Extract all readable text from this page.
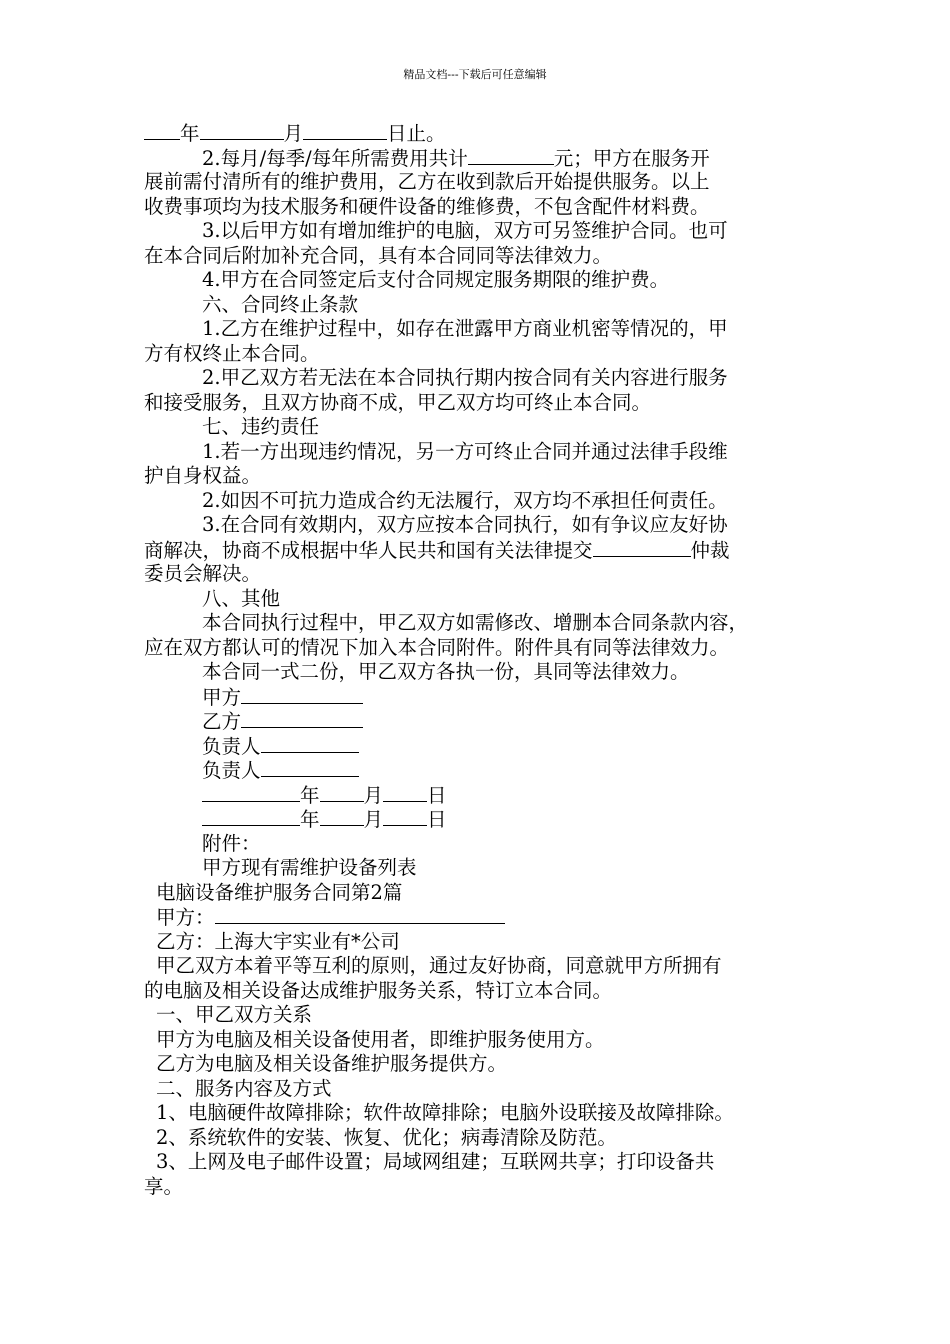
精品文档---下载后可任意编辑
年	月	日止。
2.每月/每季/每年所需费用共计	元；甲方在服务开
展前需付清所有的维护费用，乙方在收到款后开始提供服务。以上
收费事项均为技术服务和硬件设备的维修费，不包含配件材料费。
3.以后甲方如有增加维护的电脑，双方可另签维护合同。也可
在本合同后附加补充合同，具有本合同同等法律效力。
4.甲方在合同签定后支付合同规定服务期限的维护费。
六、合同终止条款
1.乙方在维护过程中，如存在泄露甲方商业机密等情况的，甲
方有权终止本合同。
2.甲乙双方若无法在本合同执行期内按合同有关内容进行服务
和接受服务，且双方协商不成，甲乙双方均可终止本合同。
七、违约责任
1.若一方出现违约情况，另一方可终止合同并通过法律手段维
护自身权益。
2.如因不可抗力造成合约无法履行，双方均不承担任何责任。
3.在合同有效期内，双方应按本合同执行，如有争议应友好协
商解决，协商不成根据中华人民共和国有关法律提交	仲裁
委员会解决。
八、其他
本合同执行过程中，甲乙双方如需修改、增删本合同条款内容，
应在双方都认可的情况下加入本合同附件。附件具有同等法律效力。
本合同一式二份，甲乙双方各执一份，具同等法律效力。
甲方
乙方
负责人
负责人
年 月 日
年 月 日
附件：
甲方现有需维护设备列表
电脑设备维护服务合同第2篇
甲方：
乙方：上海大宇实业有*公司
甲乙双方本着平等互利的原则，通过友好协商，同意就甲方所拥有
的电脑及相关设备达成维护服务关系，特订立本合同。
一、甲乙双方关系
甲方为电脑及相关设备使用者，即维护服务使用方。
乙方为电脑及相关设备维护服务提供方。
二、服务内容及方式
1、电脑硬件故障排除；软件故障排除；电脑外设联接及故障排除。
2、系统软件的安装、恢复、优化；病毒清除及防范。
3、上网及电子邮件设置；局域网组建；互联网共享；打印设备共
享。
